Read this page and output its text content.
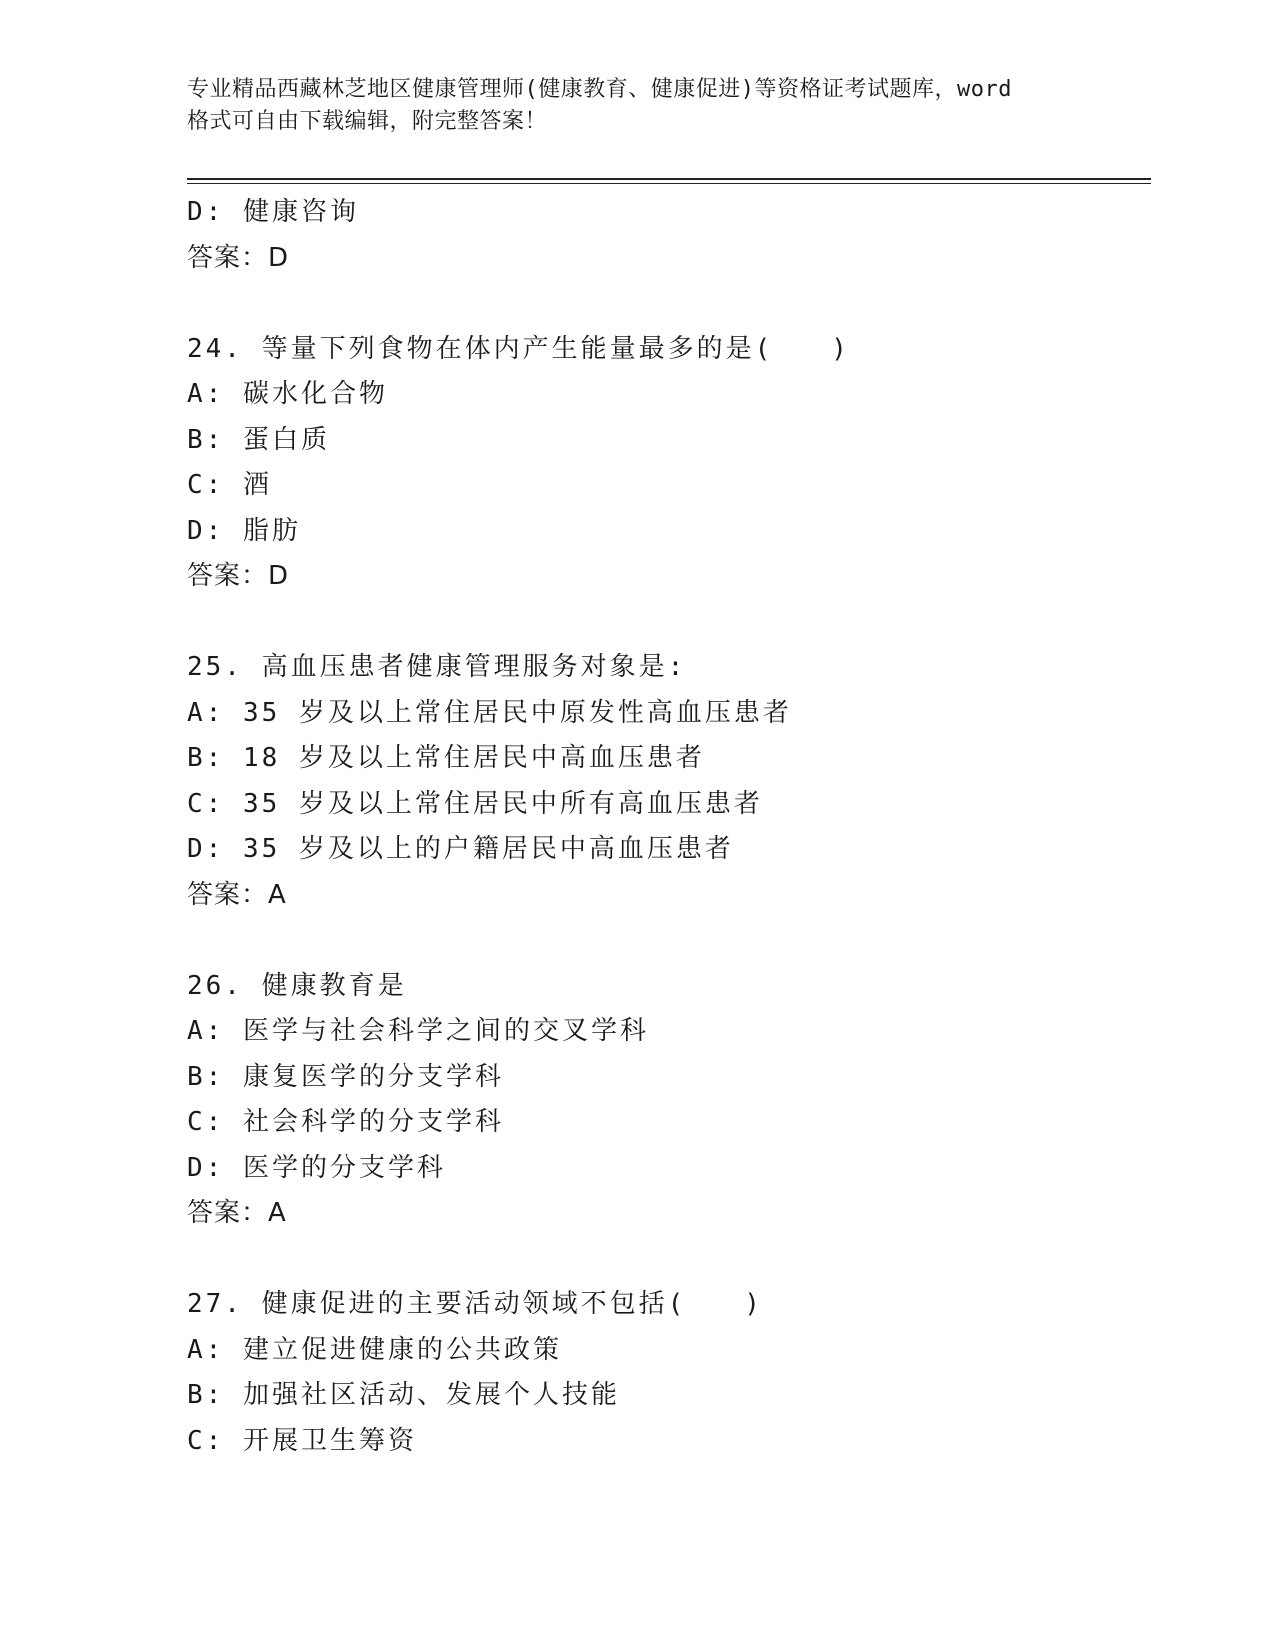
专业精品西藏林芝地区健康管理师(健康教育、健康促进)等资格证考试题库，word
格式可自由下载编辑，附完整答案！
D: 健康咨询
答案：D
24. 等量下列食物在体内产生能量最多的是(　　)
A: 碳水化合物
B: 蛋白质
C: 酒
D: 脂肪
答案：D
25. 高血压患者健康管理服务对象是:
A: 35 岁及以上常住居民中原发性高血压患者
B: 18 岁及以上常住居民中高血压患者
C: 35 岁及以上常住居民中所有高血压患者
D: 35 岁及以上的户籍居民中高血压患者
答案：A
26. 健康教育是
A: 医学与社会科学之间的交叉学科
B: 康复医学的分支学科
C: 社会科学的分支学科
D: 医学的分支学科
答案：A
27. 健康促进的主要活动领域不包括(　　)
A: 建立促进健康的公共政策
B: 加强社区活动、发展个人技能
C: 开展卫生筹资
